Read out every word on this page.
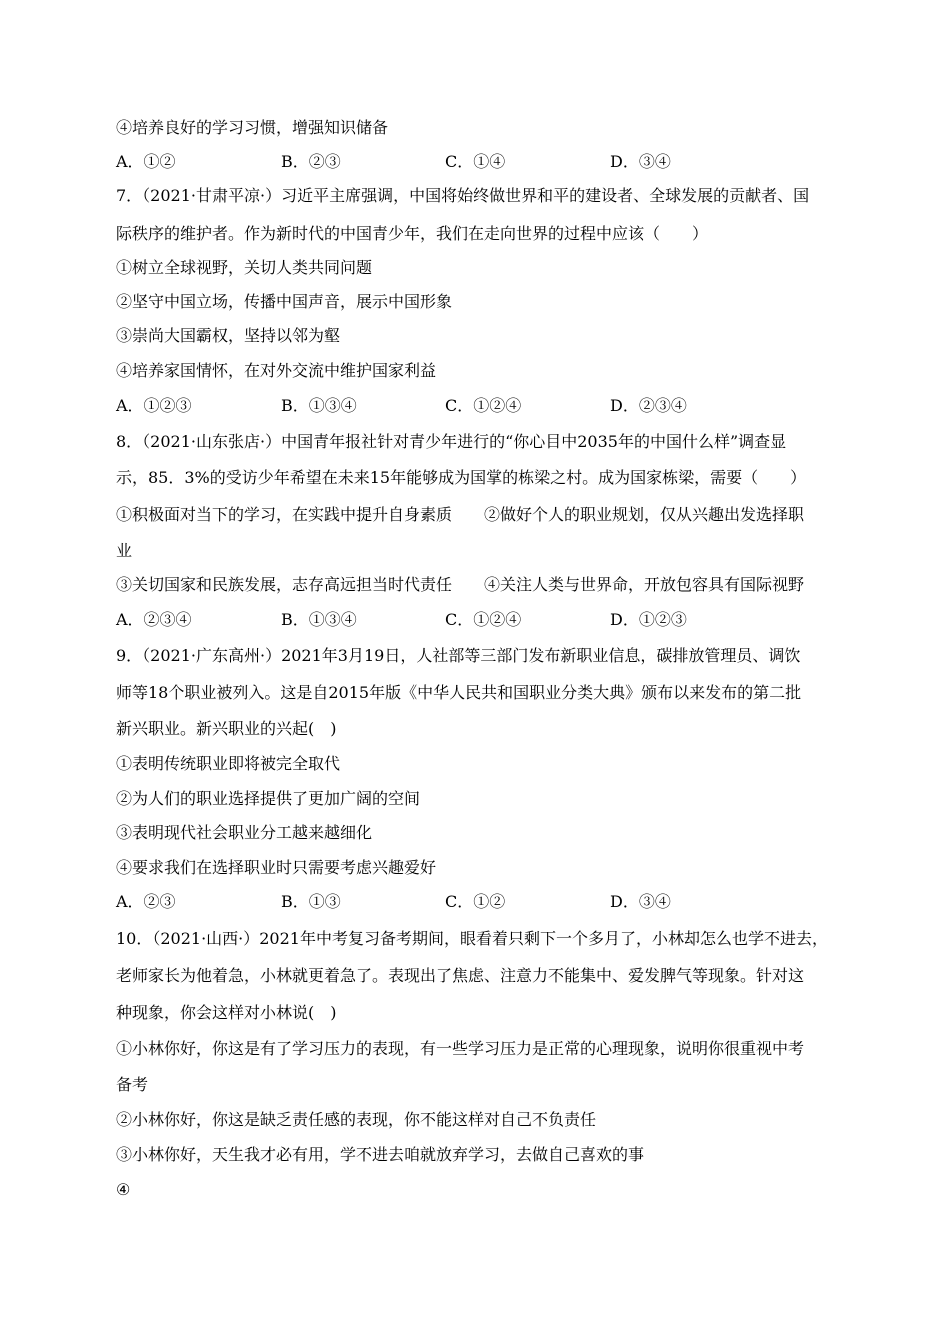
④培养良好的学习习惯，增强知识储备
A．①②	B．②③	C．①④	D．③④
7．（2021·甘肃平凉·）习近平主席强调，中国将始终做世界和平的建设者、全球发展的贡献者、国
际秩序的维护者。作为新时代的中国青少年，我们在走向世界的过程中应该（　　）
①树立全球视野，关切人类共同问题
②坚守中国立场，传播中国声音，展示中国形象
③崇尚大国霸权，坚持以邻为壑
④培养家国情怀，在对外交流中维护国家利益
A．①②③	B．①③④	C．①②④	D．②③④
8．（2021·山东张店·）中国青年报社针对青少年进行的“你心目中2035年的中国什么样”调查显
示，85．3%的受访少年希望在未来15年能够成为国掌的栋梁之村。成为国家栋梁，需要（　　）
①积极面对当下的学习，在实践中提升自身素质　　②做好个人的职业规划，仅从兴趣出发选择职
业
③关切国家和民族发展，志存高远担当时代责任　　④关注人类与世界命，开放包容具有国际视野
A．②③④	B．①③④	C．①②④	D．①②③
9．（2021·广东高州·）2021年3月19日，人社部等三部门发布新职业信息，碳排放管理员、调饮
师等18个职业被列入。这是自2015年版《中华人民共和国职业分类大典》颁布以来发布的第二批
新兴职业。新兴职业的兴起(　)
①表明传统职业即将被完全取代
②为人们的职业选择提供了更加广阔的空间
③表明现代社会职业分工越来越细化
④要求我们在选择职业时只需要考虑兴趣爱好
A．②③	B．①③	C．①②	D．③④
10．（2021·山西·）2021年中考复习备考期间，眼看着只剩下一个多月了，小林却怎么也学不进去，
老师家长为他着急，小林就更着急了。表现出了焦虑、注意力不能集中、爱发脾气等现象。针对这
种现象，你会这样对小林说(　)
①小林你好，你这是有了学习压力的表现，有一些学习压力是正常的心理现象，说明你很重视中考
备考
②小林你好，你这是缺乏责任感的表现，你不能这样对自己不负责任
③小林你好，天生我才必有用，学不进去咱就放弃学习，去做自己喜欢的事
④
